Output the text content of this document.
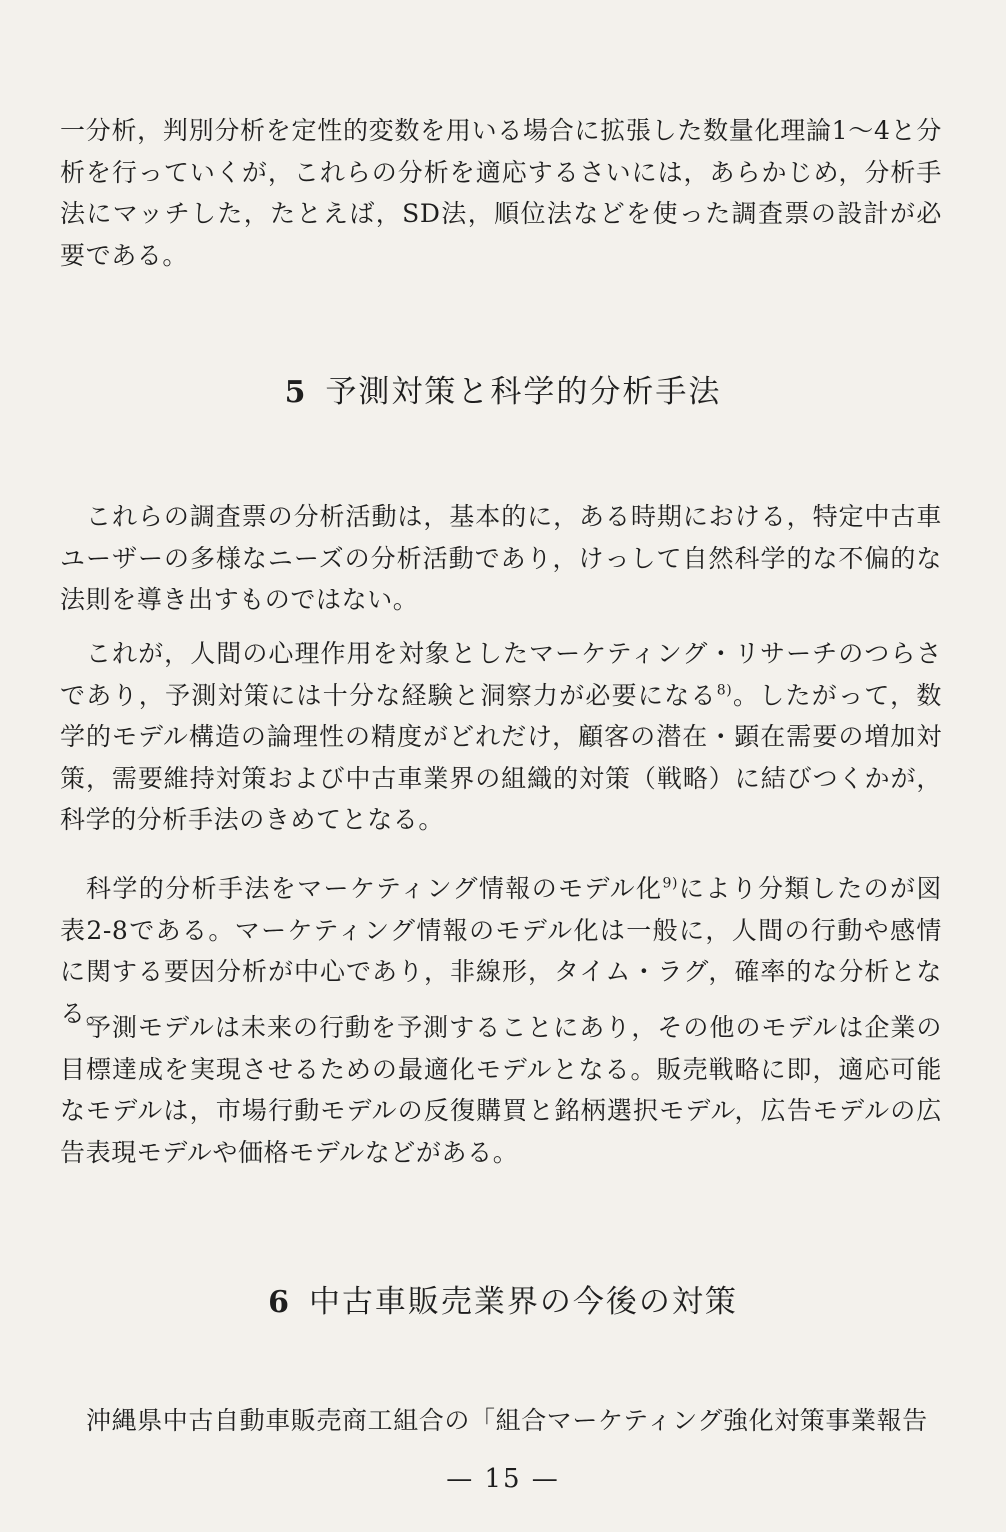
一分析，判別分析を定性的変数を用いる場合に拡張した数量化理論1〜4と分析を行っていくが，これらの分析を適応するさいには，あらかじめ，分析手法にマッチした，たとえば，SD法，順位法などを使った調査票の設計が必要である。

5 予測対策と科学的分析手法

これらの調査票の分析活動は，基本的に，ある時期における，特定中古車ユーザーの多様なニーズの分析活動であり，けっして自然科学的な不偏的な法則を導き出すものではない。

これが，人間の心理作用を対象としたマーケティング・リサーチのつらさであり，予測対策には十分な経験と洞察力が必要になる$^{8)}$。したがって，数学的モデル構造の論理性の精度がどれだけ，顧客の潜在・顕在需要の増加対策，需要維持対策および中古車業界の組織的対策（戦略）に結びつくかが，科学的分析手法のきめてとなる。

科学的分析手法をマーケティング情報のモデル化$^{9)}$により分類したのが図表2-8である。マーケティング情報のモデル化は一般に，人間の行動や感情に関する要因分析が中心であり，非線形，タイム・ラグ，確率的な分析となる。

予測モデルは未来の行動を予測することにあり，その他のモデルは企業の目標達成を実現させるための最適化モデルとなる。販売戦略に即，適応可能なモデルは，市場行動モデルの反復購買と銘柄選択モデル，広告モデルの広告表現モデルや価格モデルなどがある。

6 中古車販売業界の今後の対策

沖縄県中古自動車販売商工組合の「組合マーケティング強化対策事業報告

— 15 —
